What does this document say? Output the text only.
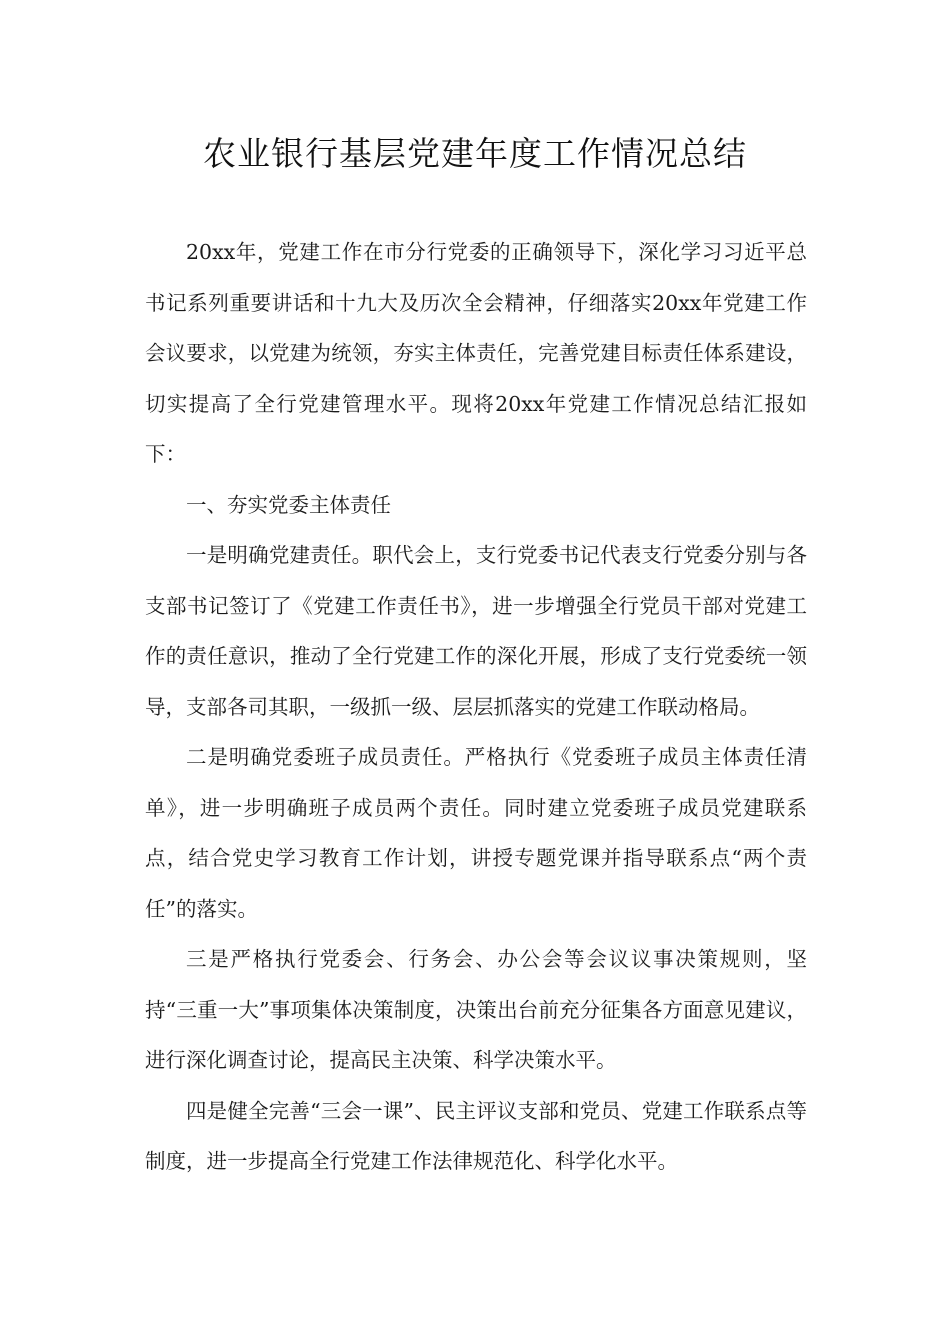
农业银行基层党建年度工作情况总结

20xx年，党建工作在市分行党委的正确领导下，深化学习习近平总书记系列重要讲话和十九大及历次全会精神，仔细落实20xx年党建工作会议要求，以党建为统领，夯实主体责任，完善党建目标责任体系建设，切实提高了全行党建管理水平。现将20xx年党建工作情况总结汇报如下：

一、夯实党委主体责任

一是明确党建责任。职代会上，支行党委书记代表支行党委分别与各支部书记签订了《党建工作责任书》，进一步增强全行党员干部对党建工作的责任意识，推动了全行党建工作的深化开展，形成了支行党委统一领导，支部各司其职，一级抓一级、层层抓落实的党建工作联动格局。

二是明确党委班子成员责任。严格执行《党委班子成员主体责任清单》，进一步明确班子成员两个责任。同时建立党委班子成员党建联系点，结合党史学习教育工作计划，讲授专题党课并指导联系点“两个责任”的落实。

三是严格执行党委会、行务会、办公会等会议议事决策规则，坚持“三重一大”事项集体决策制度，决策出台前充分征集各方面意见建议，进行深化调查讨论，提高民主决策、科学决策水平。

四是健全完善“三会一课”、民主评议支部和党员、党建工作联系点等制度，进一步提高全行党建工作法律规范化、科学化水平。
